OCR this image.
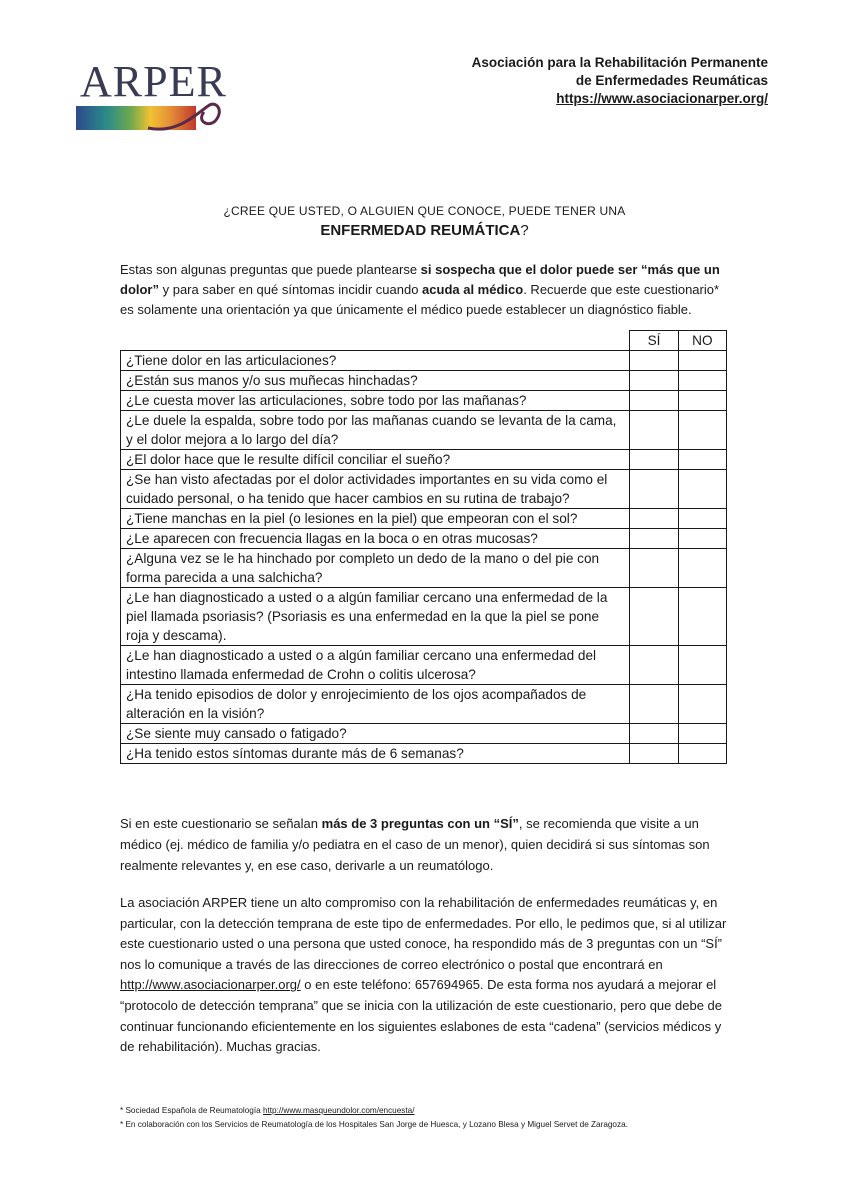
ARPER	Asociación para la Rehabilitación Permanente
de Enfermedades Reumáticas
https://www.asociacionarper.org/
¿CREE QUE USTED, O ALGUIEN QUE CONOCE, PUEDE TENER UNA
ENFERMEDAD REUMÁTICA?
Estas son algunas preguntas que puede plantearse si sospecha que el dolor puede ser “más que un dolor” y para saber en qué síntomas incidir cuando acuda al médico. Recuerde que este cuestionario* es solamente una orientación ya que únicamente el médico puede establecer un diagnóstico fiable.
	SÍ	NO
¿Tiene dolor en las articulaciones?		
¿Están sus manos y/o sus muñecas hinchadas?		
¿Le cuesta mover las articulaciones, sobre todo por las mañanas?		
¿Le duele la espalda, sobre todo por las mañanas cuando se levanta de la cama, y el dolor mejora a lo largo del día?		
¿El dolor hace que le resulte difícil conciliar el sueño?		
¿Se han visto afectadas por el dolor actividades importantes en su vida como el cuidado personal, o ha tenido que hacer cambios en su rutina de trabajo?		
¿Tiene manchas en la piel (o lesiones en la piel) que empeoran con el sol?		
¿Le aparecen con frecuencia llagas en la boca o en otras mucosas?		
¿Alguna vez se le ha hinchado por completo un dedo de la mano o del pie con forma parecida a una salchicha?		
¿Le han diagnosticado a usted o a algún familiar cercano una enfermedad de la piel llamada psoriasis? (Psoriasis es una enfermedad en la que la piel se pone roja y descama).		
¿Le han diagnosticado a usted o a algún familiar cercano una enfermedad del intestino llamada enfermedad de Crohn o colitis ulcerosa?		
¿Ha tenido episodios de dolor y enrojecimiento de los ojos acompañados de alteración en la visión?		
¿Se siente muy cansado o fatigado?		
¿Ha tenido estos síntomas durante más de 6 semanas?		
Si en este cuestionario se señalan más de 3 preguntas con un “SÍ”, se recomienda que visite a un médico (ej. médico de familia y/o pediatra en el caso de un menor), quien decidirá si sus síntomas son realmente relevantes y, en ese caso, derivarle a un reumatólogo.
La asociación ARPER tiene un alto compromiso con la rehabilitación de enfermedades reumáticas y, en particular, con la detección temprana de este tipo de enfermedades. Por ello, le pedimos que, si al utilizar este cuestionario usted o una persona que usted conoce, ha respondido más de 3 preguntas con un “SÍ” nos lo comunique a través de las direcciones de correo electrónico o postal que encontrará en http://www.asociacionarper.org/ o en este teléfono: 657694965. De esta forma nos ayudará a mejorar el “protocolo de detección temprana” que se inicia con la utilización de este cuestionario, pero que debe de continuar funcionando eficientemente en los siguientes eslabones de esta “cadena” (servicios médicos y de rehabilitación). Muchas gracias.
* Sociedad Española de Reumatología http://www.masqueundolor.com/encuesta/
* En colaboración con los Servicios de Reumatología de los Hospitales San Jorge de Huesca, y Lozano Blesa y Miguel Servet de Zaragoza.
